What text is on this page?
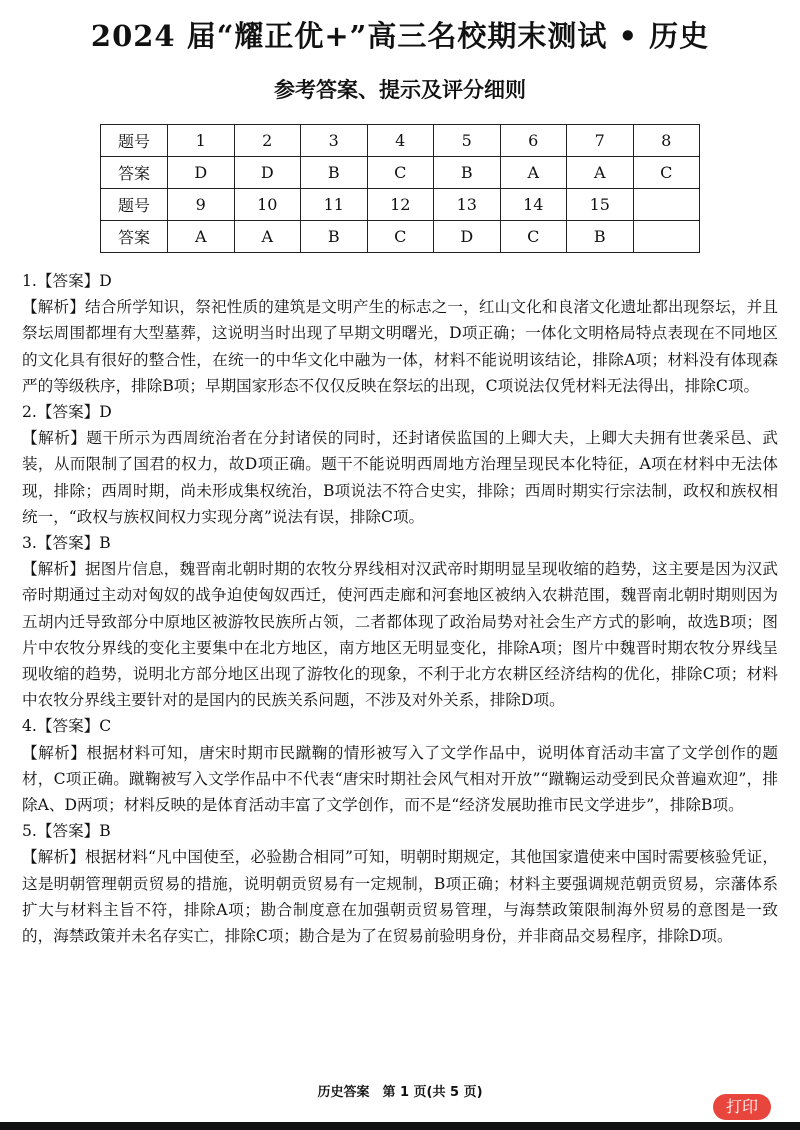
2024 届“耀正优+”高三名校期末测试 • 历史
参考答案、提示及评分细则
题号	1	2	3	4	5	6	7	8
答案	D	D	B	C	B	A	A	C
题号	9	10	11	12	13	14	15	
答案	A	A	B	C	D	C	B	

1.【答案】D

【解析】结合所学知识，祭祀性质的建筑是文明产生的标志之一，红山文化和良渚文化遗址都出现祭坛，并且祭坛周围都埋有大型墓葬，这说明当时出现了早期文明曙光，D项正确；一体化文明格局特点表现在不同地区的文化具有很好的整合性，在统一的中华文化中融为一体，材料不能说明该结论，排除A项；材料没有体现森严的等级秩序，排除B项；早期国家形态不仅仅反映在祭坛的出现，C项说法仅凭材料无法得出，排除C项。

2.【答案】D

【解析】题干所示为西周统治者在分封诸侯的同时，还封诸侯监国的上卿大夫，上卿大夫拥有世袭采邑、武装，从而限制了国君的权力，故D项正确。题干不能说明西周地方治理呈现民本化特征，A项在材料中无法体现，排除；西周时期，尚未形成集权统治，B项说法不符合史实，排除；西周时期实行宗法制，政权和族权相统一，“政权与族权间权力实现分离”说法有误，排除C项。

3.【答案】B

【解析】据图片信息，魏晋南北朝时期的农牧分界线相对汉武帝时期明显呈现收缩的趋势，这主要是因为汉武帝时期通过主动对匈奴的战争迫使匈奴西迁，使河西走廊和河套地区被纳入农耕范围，魏晋南北朝时期则因为五胡内迁导致部分中原地区被游牧民族所占领，二者都体现了政治局势对社会生产方式的影响，故选B项；图片中农牧分界线的变化主要集中在北方地区，南方地区无明显变化，排除A项；图片中魏晋时期农牧分界线呈现收缩的趋势，说明北方部分地区出现了游牧化的现象，不利于北方农耕区经济结构的优化，排除C项；材料中农牧分界线主要针对的是国内的民族关系问题，不涉及对外关系，排除D项。

4.【答案】C

【解析】根据材料可知，唐宋时期市民蹴鞠的情形被写入了文学作品中，说明体育活动丰富了文学创作的题材，C项正确。蹴鞠被写入文学作品中不代表“唐宋时期社会风气相对开放”“蹴鞠运动受到民众普遍欢迎”，排除A、D两项；材料反映的是体育活动丰富了文学创作，而不是“经济发展助推市民文学进步”，排除B项。

5.【答案】B

【解析】根据材料“凡中国使至，必验勘合相同”可知，明朝时期规定，其他国家遣使来中国时需要核验凭证，这是明朝管理朝贡贸易的措施，说明朝贡贸易有一定规制，B项正确；材料主要强调规范朝贡贸易，宗藩体系扩大与材料主旨不符，排除A项；勘合制度意在加强朝贡贸易管理，与海禁政策限制海外贸易的意图是一致的，海禁政策并未名存实亡，排除C项；勘合是为了在贸易前验明身份，并非商品交易程序，排除D项。

历史答案　第 1 页(共 5 页)
打印
